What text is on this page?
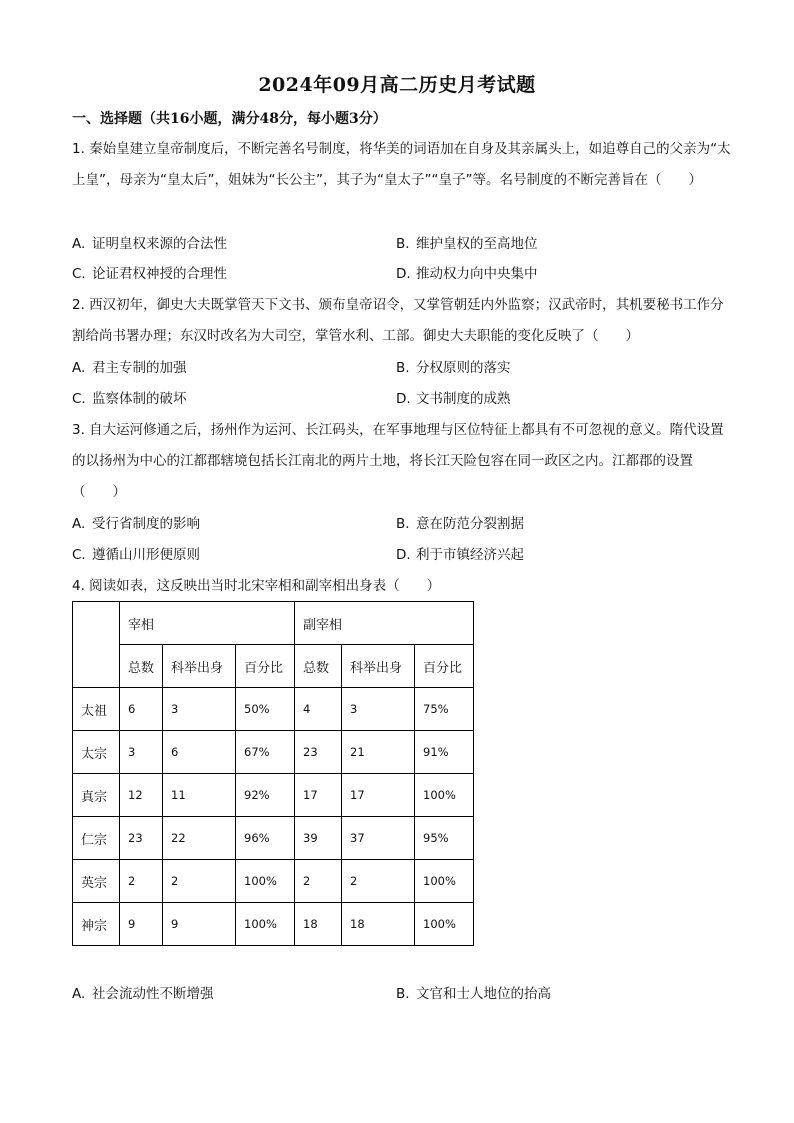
2024年09月高二历史月考试题
一、选择题（共16小题，满分48分，每小题3分）
1. 秦始皇建立皇帝制度后，不断完善名号制度，将华美的词语加在自身及其亲属头上，如追尊自己的父亲为“太上皇”，母亲为“皇太后”，姐妹为“长公主”，其子为“皇太子”“皇子”等。名号制度的不断完善旨在（　　）
A. 证明皇权来源的合法性	B. 维护皇权的至高地位
C. 论证君权神授的合理性	D. 推动权力向中央集中
2. 西汉初年，御史大夫既掌管天下文书、颁布皇帝诏令，又掌管朝廷内外监察；汉武帝时，其机要秘书工作分割给尚书署办理；东汉时改名为大司空，掌管水利、工部。御史大夫职能的变化反映了（　　）
A. 君主专制的加强	B. 分权原则的落实
C. 监察体制的破坏	D. 文书制度的成熟
3. 自大运河修通之后，扬州作为运河、长江码头，在军事地理与区位特征上都具有不可忽视的意义。隋代设置的以扬州为中心的江都郡辖境包括长江南北的两片土地，将长江天险包容在同一政区之内。江都郡的设置（　　）
A. 受行省制度的影响	B. 意在防范分裂割据
C. 遵循山川形便原则	D. 利于市镇经济兴起
4. 阅读如表，这反映出当时北宋宰相和副宰相出身表（　　）
	宰相			副宰相		
	总数	科举出身	百分比	总数	科举出身	百分比
太祖	6	3	50%	4	3	75%
太宗	3	6	67%	23	21	91%
真宗	12	11	92%	17	17	100%
仁宗	23	22	96%	39	37	95%
英宗	2	2	100%	2	2	100%
神宗	9	9	100%	18	18	100%
A. 社会流动性不断增强	B. 文官和士人地位的抬高
